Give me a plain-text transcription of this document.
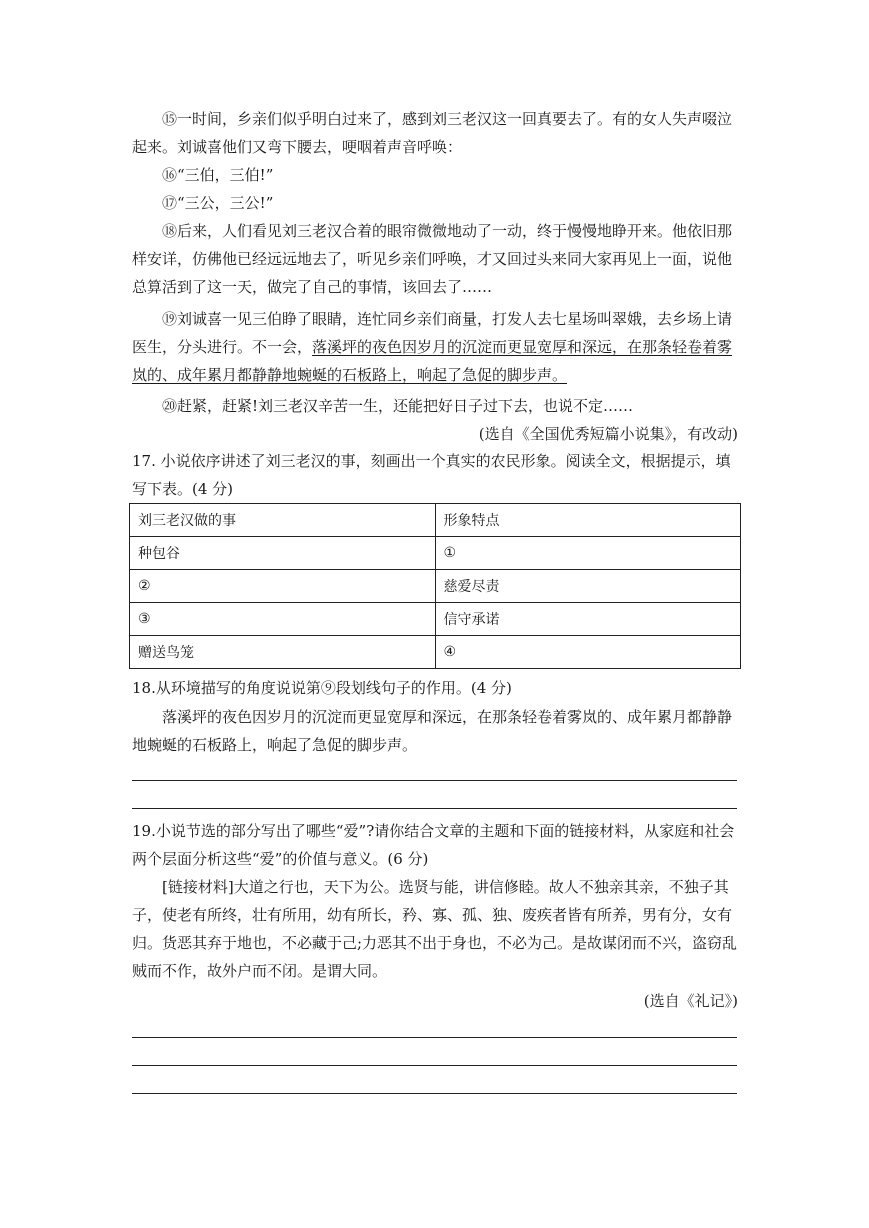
⑮一时间，乡亲们似乎明白过来了，感到刘三老汉这一回真要去了。有的女人失声啜泣起来。刘诚喜他们又弯下腰去，哽咽着声音呼唤：

⑯“三伯，三伯!”

⑰“三公，三公!”

⑱后来，人们看见刘三老汉合着的眼帘微微地动了一动，终于慢慢地睁开来。他依旧那样安详，仿佛他已经远远地去了，听见乡亲们呼唤，才又回过头来同大家再见上一面，说他总算活到了这一天，做完了自己的事情，该回去了……

⑲刘诚喜一见三伯睁了眼睛，连忙同乡亲们商量，打发人去七星场叫翠娥，去乡场上请医生，分头进行。不一会，落溪坪的夜色因岁月的沉淀而更显宽厚和深远，在那条轻卷着雾岚的、成年累月都静静地蜿蜒的石板路上，响起了急促的脚步声。

⑳赶紧，赶紧!刘三老汉辛苦一生，还能把好日子过下去，也说不定……

(选自《全国优秀短篇小说集》，有改动)

17. 小说依序讲述了刘三老汉的事，刻画出一个真实的农民形象。阅读全文，根据提示，填写下表。(4 分)

刘三老汉做的事	形象特点
种包谷	①
②	慈爱尽责
③	信守承诺
赠送鸟笼	④

18.从环境描写的角度说说第⑨段划线句子的作用。(4 分)

落溪坪的夜色因岁月的沉淀而更显宽厚和深远，在那条轻卷着雾岚的、成年累月都静静地蜿蜒的石板路上，响起了急促的脚步声。

19.小说节选的部分写出了哪些“爱”?请你结合文章的主题和下面的链接材料，从家庭和社会两个层面分析这些“爱”的价值与意义。(6 分)

[链接材料]大道之行也，天下为公。选贤与能，讲信修睦。故人不独亲其亲，不独子其子，使老有所终，壮有所用，幼有所长，矜、寡、孤、独、废疾者皆有所养，男有分，女有归。货恶其弃于地也，不必藏于己;力恶其不出于身也，不必为己。是故谋闭而不兴，盗窃乱贼而不作，故外户而不闭。是谓大同。

(选自《礼记》)
